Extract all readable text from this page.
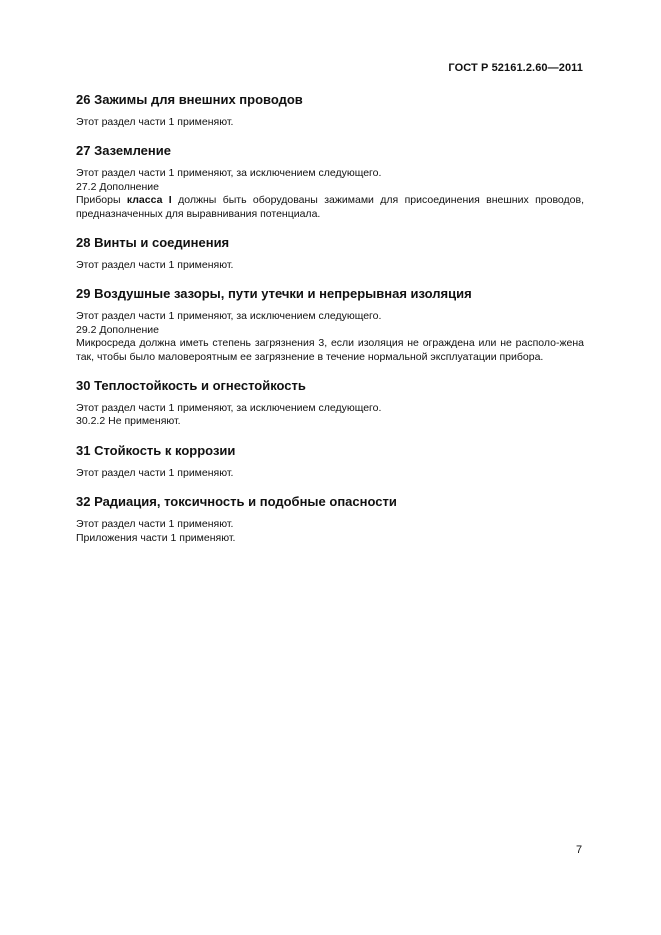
ГОСТ Р 52161.2.60—2011
26 Зажимы для внешних проводов
Этот раздел части 1 применяют.
27 Заземление
Этот раздел части 1 применяют, за исключением следующего.
27.2 Дополнение
Приборы класса I должны быть оборудованы зажимами для присоединения внешних проводов, предназначенных для выравнивания потенциала.
28 Винты и соединения
Этот раздел части 1 применяют.
29 Воздушные зазоры, пути утечки и непрерывная изоляция
Этот раздел части 1 применяют, за исключением следующего.
29.2 Дополнение
Микросреда должна иметь степень загрязнения 3, если изоляция не ограждена или не располо-жена так, чтобы было маловероятным ее загрязнение в течение нормальной эксплуатации прибора.
30 Теплостойкость и огнестойкость
Этот раздел части 1 применяют, за исключением следующего.
30.2.2 Не применяют.
31 Стойкость к коррозии
Этот раздел части 1 применяют.
32 Радиация, токсичность и подобные опасности
Этот раздел части 1 применяют.
Приложения части 1 применяют.
7
